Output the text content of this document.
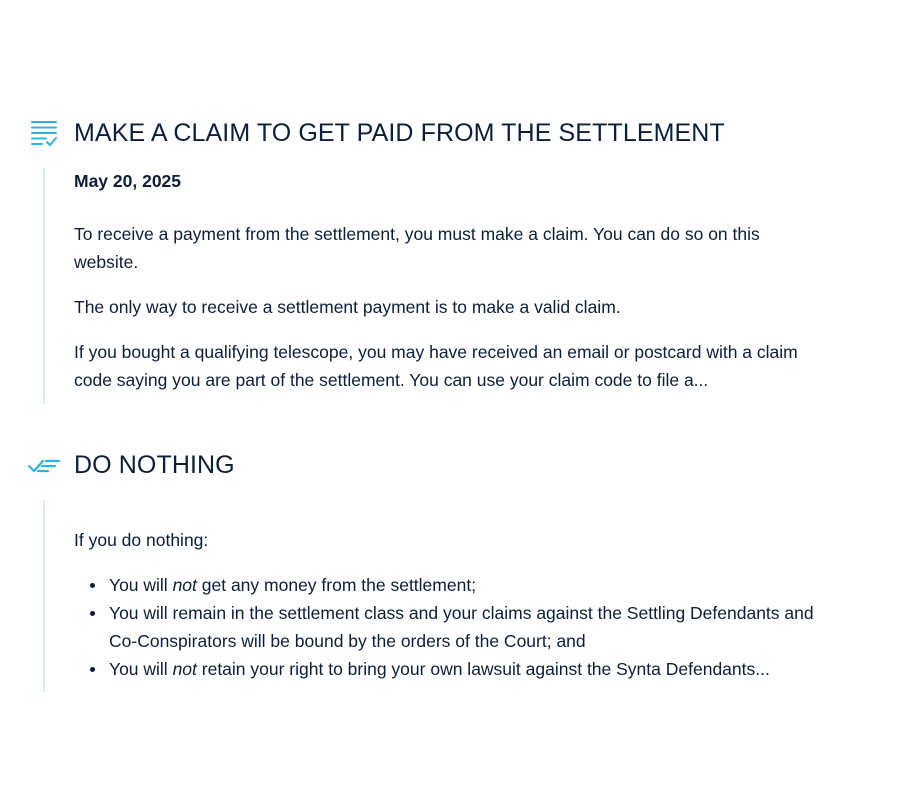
MAKE A CLAIM TO GET PAID FROM THE SETTLEMENT

May 20, 2025

To receive a payment from the settlement, you must make a claim. You can do so on this website.

The only way to receive a settlement payment is to make a valid claim.

If you bought a qualifying telescope, you may have received an email or postcard with a claim code saying you are part of the settlement. You can use your claim code to file a...

DO NOTHING

If you do nothing:

You will not get any money from the settlement;
You will remain in the settlement class and your claims against the Settling Defendants and Co-Conspirators will be bound by the orders of the Court; and
You will not retain your right to bring your own lawsuit against the Synta Defendants...
